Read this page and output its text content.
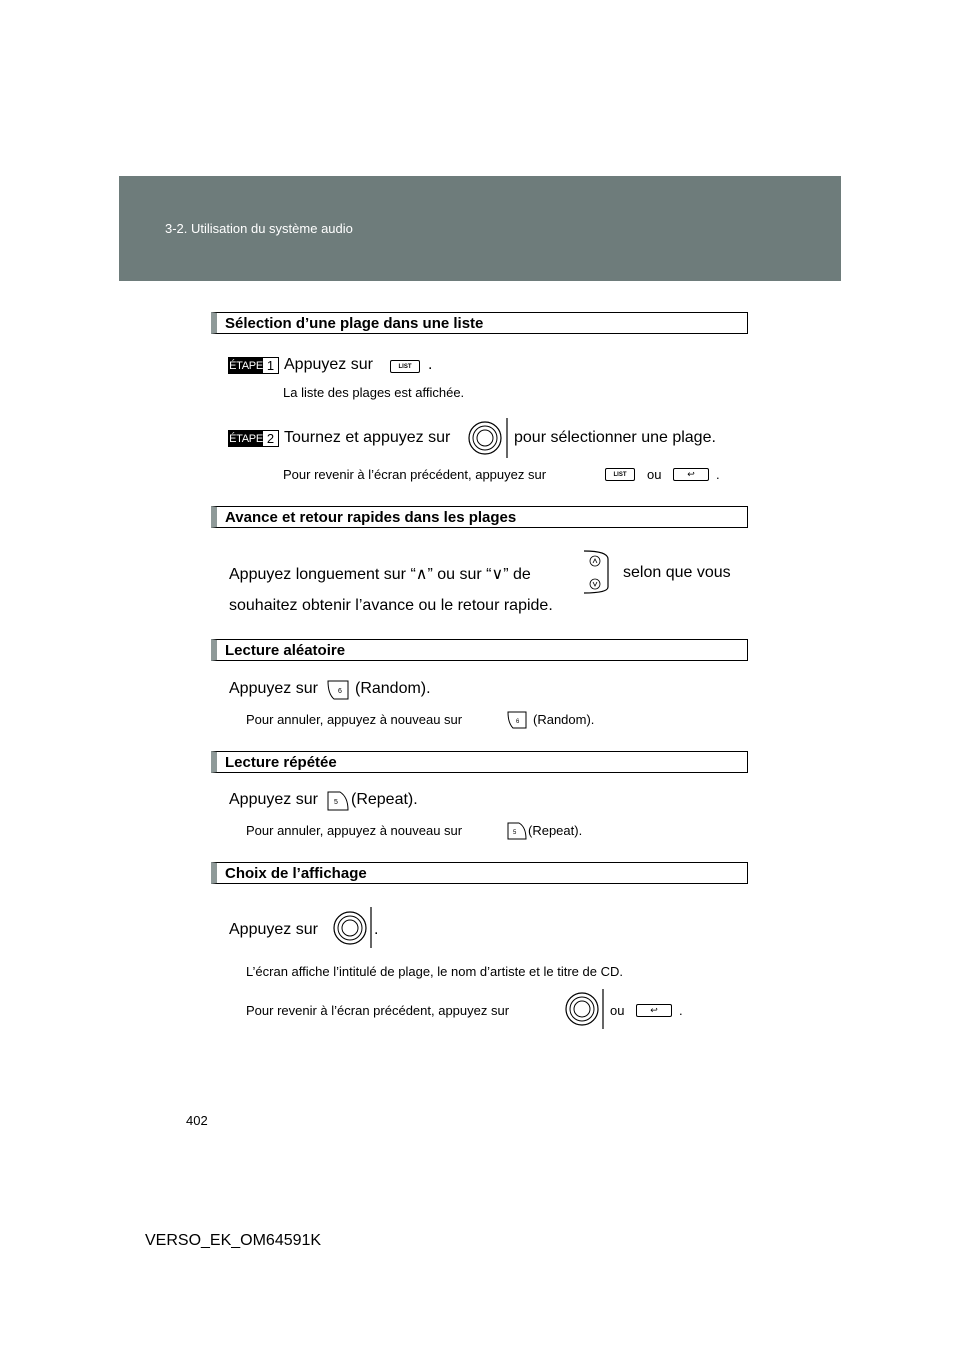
3-2. Utilisation du système audio
Sélection d’une plage dans une liste
ÉTAPE 1 Appuyez sur	LIST .
La liste des plages est affichée.
ÉTAPE 2 Tournez et appuyez sur	pour sélectionner une plage.
Pour revenir à l’écran précédent, appuyez sur	LIST ou	↩	.
Avance et retour rapides dans les plages
Appuyez longuement sur “∧” ou sur “∨” de	selon que vous
souhaitez obtenir l’avance ou le retour rapide.
Lecture aléatoire
Appuyez sur	6 (Random).
Pour annuler, appuyez à nouveau sur	6 (Random).
Lecture répétée
Appuyez sur 5 (Repeat).
Pour annuler, appuyez à nouveau sur	5 (Repeat).
Choix de l’affichage
Appuyez sur	.
L’écran affiche l’intitulé de plage, le nom d’artiste et le titre de CD.
Pour revenir à l’écran précédent, appuyez sur	ou	↩	.
402
VERSO_EK_OM64591K
